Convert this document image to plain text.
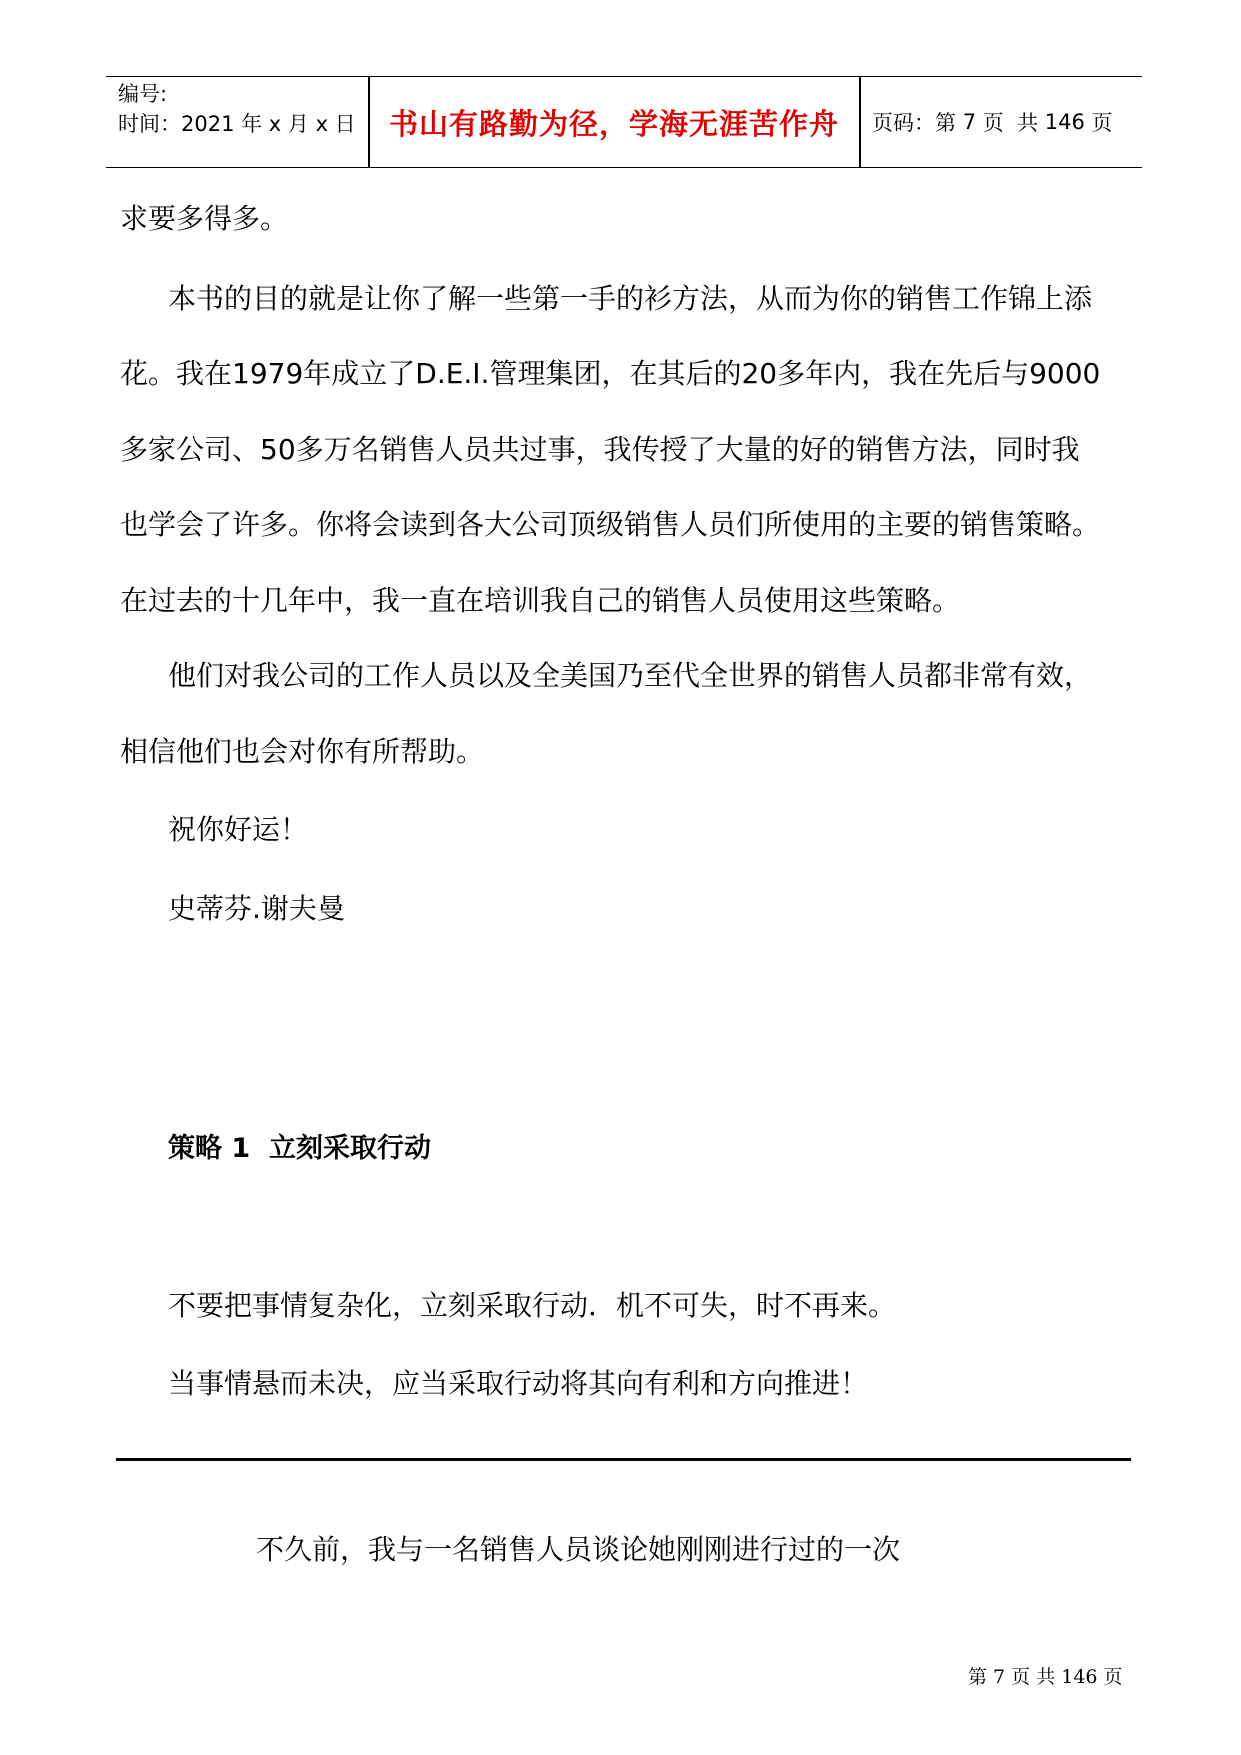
编号:
时间：2021 年 x 月 x 日	书山有路勤为径，学海无涯苦作舟	页码：第 7 页  共 146 页
求要多得多。
本书的目的就是让你了解一些第一手的衫方法，从而为你的销售工作锦上添
花。我在1979年成立了D.E.I.管理集团，在其后的20多年内，我在先后与9000
多家公司、50多万名销售人员共过事，我传授了大量的好的销售方法，同时我
也学会了许多。你将会读到各大公司顶级销售人员们所使用的主要的销售策略。
在过去的十几年中，我一直在培训我自己的销售人员使用这些策略。
他们对我公司的工作人员以及全美国乃至代全世界的销售人员都非常有效，
相信他们也会对你有所帮助。
祝你好运！
史蒂芬.谢夫曼
策略 1  立刻采取行动
不要把事情复杂化，立刻采取行动．机不可失，时不再来。
当事情悬而未决，应当采取行动将其向有利和方向推进！
不久前，我与一名销售人员谈论她刚刚进行过的一次
第 7 页 共 146 页
